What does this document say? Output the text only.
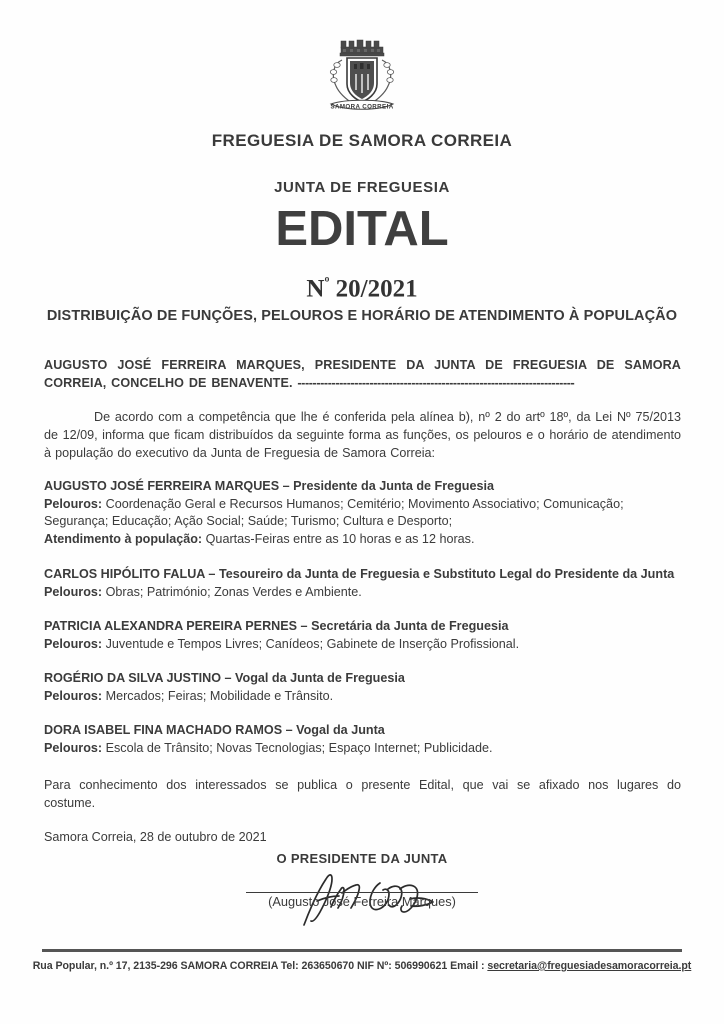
SAMORA CORREIA
FREGUESIA DE SAMORA CORREIA
JUNTA DE FREGUESIA
EDITAL
$N^º$ 20/2021
DISTRIBUIÇÃO DE FUNÇÕES, PELOUROS E HORÁRIO DE ATENDIMENTO À POPULAÇÃO
AUGUSTO JOSÉ FERREIRA MARQUES, PRESIDENTE DA JUNTA DE FREGUESIA DE SAMORA CORREIA, CONCELHO DE BENAVENTE. -------------------------------------------------------------------------
De acordo com a competência que lhe é conferida pela alínea b), nº 2 do artº 18º, da Lei Nº 75/2013 de 12/09, informa que ficam distribuídos da seguinte forma as funções, os pelouros e o horário de atendimento à população do executivo da Junta de Freguesia de Samora Correia:
AUGUSTO JOSÉ FERREIRA MARQUES – Presidente da Junta de Freguesia
Pelouros: Coordenação Geral e Recursos Humanos; Cemitério; Movimento Associativo; Comunicação; Segurança; Educação; Ação Social; Saúde; Turismo; Cultura e Desporto;
Atendimento à população: Quartas-Feiras entre as 10 horas e as 12 horas.
CARLOS HIPÓLITO FALUA – Tesoureiro da Junta de Freguesia e Substituto Legal do Presidente da Junta
Pelouros: Obras; Património; Zonas Verdes e Ambiente.
PATRICIA ALEXANDRA PEREIRA PERNES – Secretária da Junta de Freguesia
Pelouros: Juventude e Tempos Livres; Canídeos; Gabinete de Inserção Profissional.
ROGÉRIO DA SILVA JUSTINO – Vogal da Junta de Freguesia
Pelouros: Mercados; Feiras; Mobilidade e Trânsito.
DORA ISABEL FINA MACHADO RAMOS – Vogal da Junta
Pelouros: Escola de Trânsito; Novas Tecnologias; Espaço Internet; Publicidade.
Para conhecimento dos interessados se publica o presente Edital, que vai se afixado nos lugares do costume.
Samora Correia, 28 de outubro de 2021
O PRESIDENTE DA JUNTA
(Augusto José Ferreira Marques)
Rua Popular, n.º 17, 2135-296 SAMORA CORREIA Tel: 263650670 NIF Nº: 506990621 Email : secretaria@freguesiadesamoracorreia.pt
